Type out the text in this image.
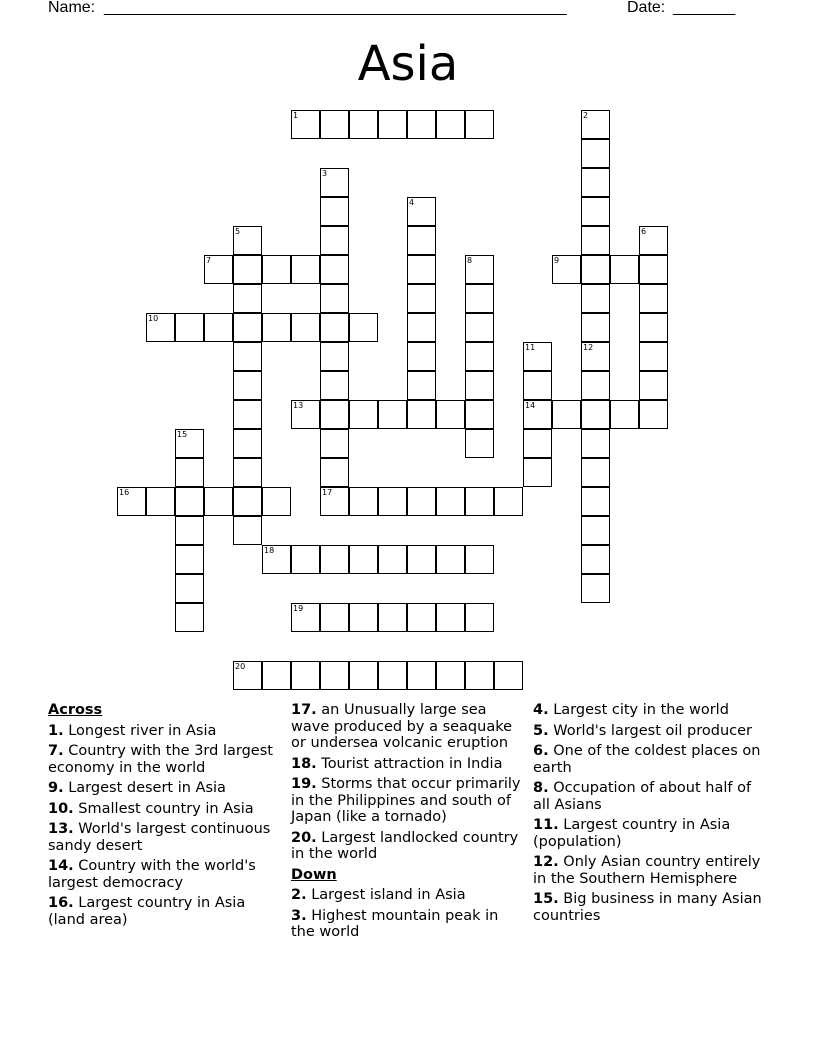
Name: ____________________________________________________	Date: _______
Asia
1	2
3
17
4
5	6
7	8	9
10
11
14
12
13
15
16
18
19
20
Across
1. Longest river in Asia
7. Country with the 3rd largest economy in the world
9. Largest desert in Asia
10. Smallest country in Asia
13. World's largest continuous sandy desert
14. Country with the world's largest democracy
16. Largest country in Asia (land area)
17. an Unusually large sea wave produced by a seaquake or undersea volcanic eruption
18. Tourist attraction in India
19. Storms that occur primarily in the Philippines and south of Japan (like a tornado)
20. Largest landlocked country in the world
Down
2. Largest island in Asia
3. Highest mountain peak in the world
4. Largest city in the world
5. World's largest oil producer
6. One of the coldest places on earth
8. Occupation of about half of all Asians
11. Largest country in Asia (population)
12. Only Asian country entirely in the Southern Hemisphere
15. Big business in many Asian countries
